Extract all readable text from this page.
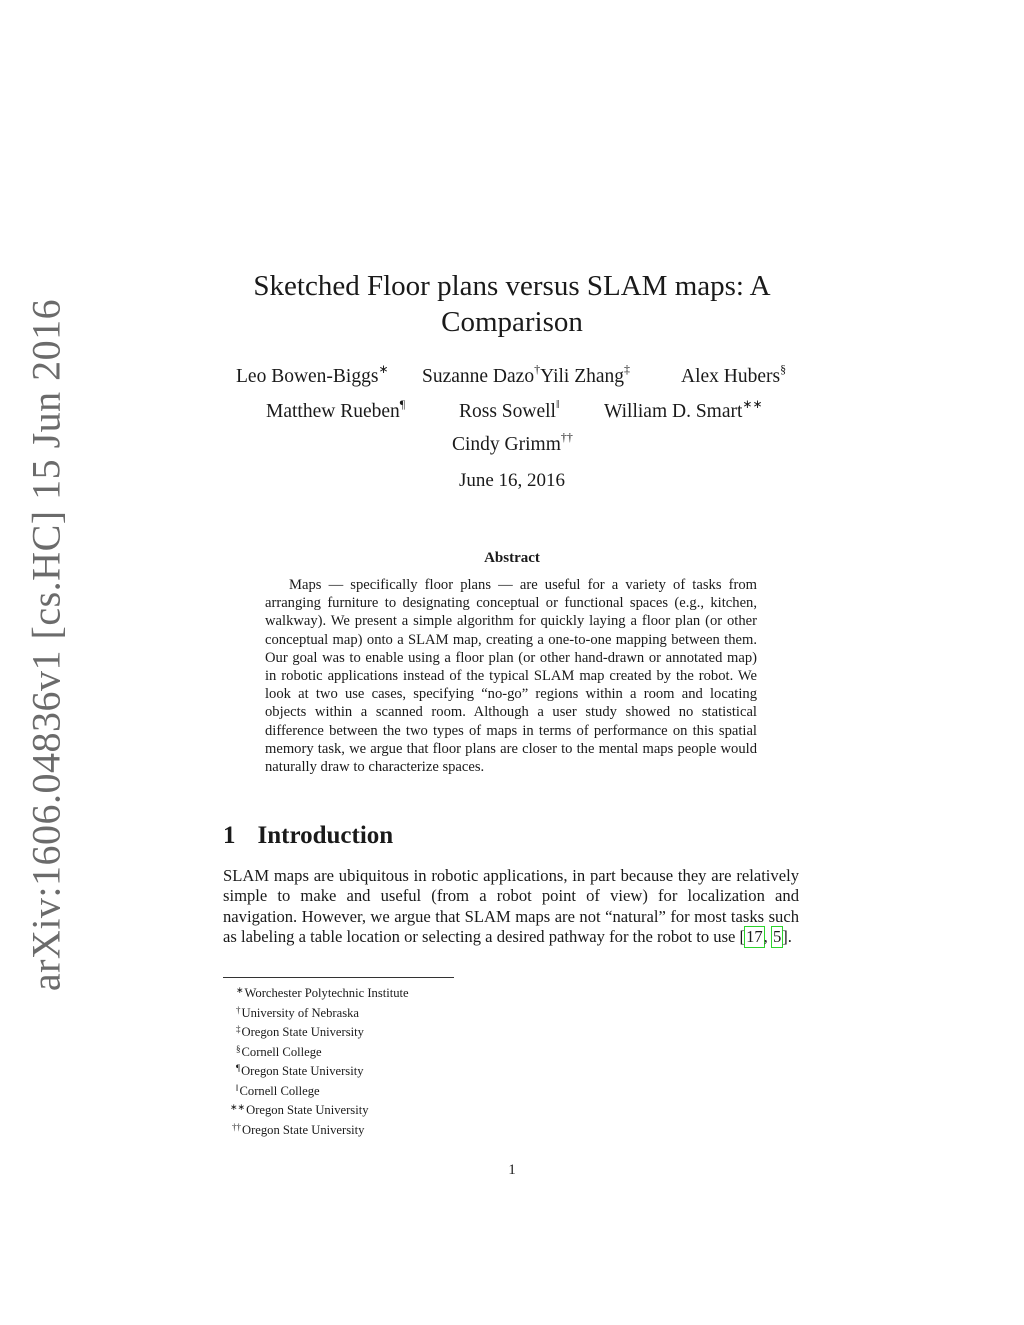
arXiv:1606.04836v1 [cs.HC] 15 Jun 2016
Sketched Floor plans versus SLAM maps: A Comparison
Leo Bowen-Biggs∗ Suzanne Dazo†Yili Zhang‡	Alex Hubers§
Matthew Rueben¶	Ross Sowell‖ William D. Smart∗∗
Cindy Grimm††
June 16, 2016
Abstract
Maps — specifically floor plans — are useful for a variety of tasks from arranging furniture to designating conceptual or functional spaces (e.g., kitchen, walkway). We present a simple algorithm for quickly laying a floor plan (or other conceptual map) onto a SLAM map, creating a one-to-one mapping between them. Our goal was to enable using a floor plan (or other hand-drawn or annotated map) in robotic applications instead of the typical SLAM map created by the robot. We look at two use cases, specifying “no-go” regions within a room and locating objects within a scanned room. Although a user study showed no statistical difference between the two types of maps in terms of performance on this spatial memory task, we argue that floor plans are closer to the mental maps people would naturally draw to characterize spaces.
1 Introduction
SLAM maps are ubiquitous in robotic applications, in part because they are relatively simple to make and useful (from a robot point of view) for localization and navigation. However, we argue that SLAM maps are not “natural” for most tasks such as labeling a table location or selecting a desired pathway for the robot to use [17, 5].
∗Worchester Polytechnic Institute
†University of Nebraska
‡Oregon State University
§Cornell College
¶Oregon State University
‖Cornell College
∗∗Oregon State University
††Oregon State University
1
